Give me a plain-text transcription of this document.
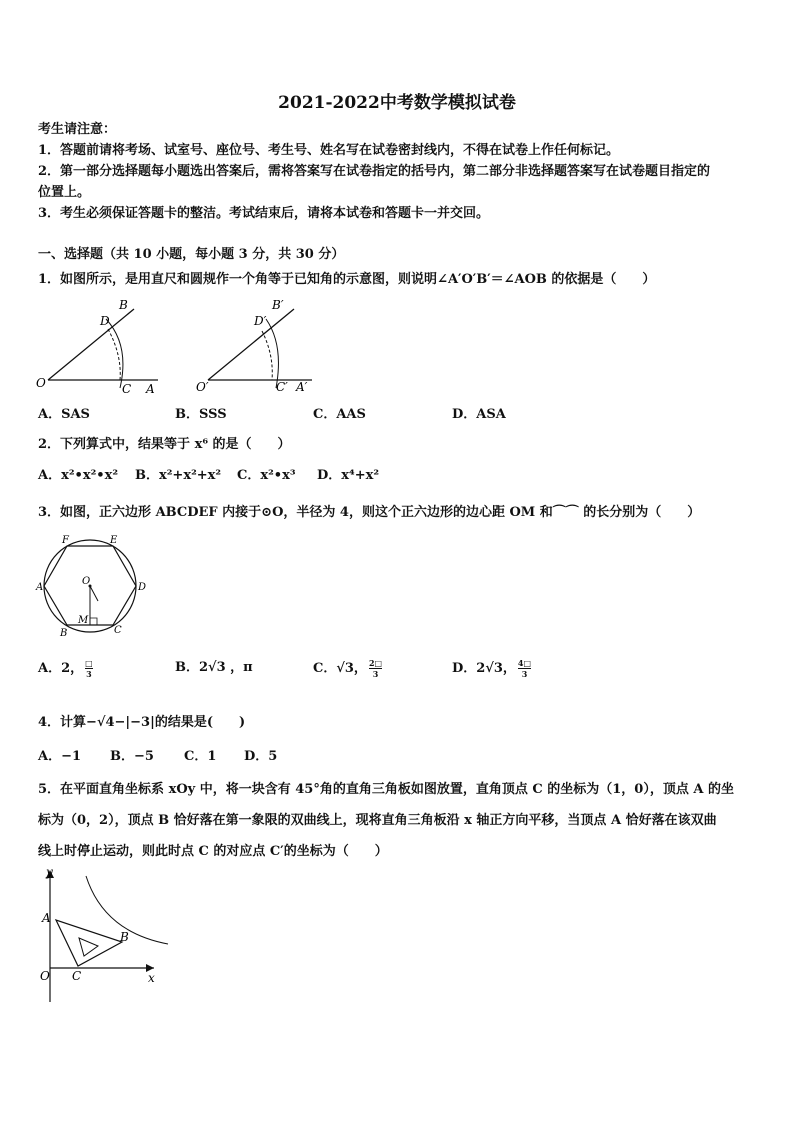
2021-2022中考数学模拟试卷
考生请注意：
1．答题前请将考场、试室号、座位号、考生号、姓名写在试卷密封线内，不得在试卷上作任何标记。
2．第一部分选择题每小题选出答案后，需将答案写在试卷指定的括号内，第二部分非选择题答案写在试卷题目指定的
位置上。
3．考生必须保证答题卡的整洁。考试结束后，请将本试卷和答题卡一并交回。
一、选择题（共 10 小题，每小题 3 分，共 30 分）
1．如图所示，是用直尺和圆规作一个角等于已知角的示意图，则说明∠A′O′B′＝∠AOB 的依据是（　　）
B
D
O	C A
B′
D′
O′	C′ A′
A．SAS	B．SSS	C．AAS	D．ASA
2．下列算式中，结果等于 x⁶ 的是（　　）
A．x²•x²•x² B．x²+x²+x² C．x²•x³ D．x⁴+x²
3．如图，正六边形 ABCDEF 内接于⊙O，半径为 4，则这个正六边形的边心距 OM 和⌒⌒ 的长分别为（　　）
F	E
A	D
O
M
B	C
A．2， □
3	B．2√3 ，π	C．√3， $\frac{2□}{3}$	D．2√3， $\frac{4□}{3}$
4．计算−√4−|−3|的结果是(　　)
A．−1 B．−5 C．1 D．5
5．在平面直角坐标系 xOy 中，将一块含有 45°角的直角三角板如图放置，直角顶点 C 的坐标为（1，0），顶点 A 的坐
标为（0，2），顶点 B 恰好落在第一象限的双曲线上，现将直角三角板沿 x 轴正方向平移，当顶点 A 恰好落在该双曲
线上时停止运动，则此时点 C 的对应点 C′的坐标为（　　）
y
A
B
O C	x
